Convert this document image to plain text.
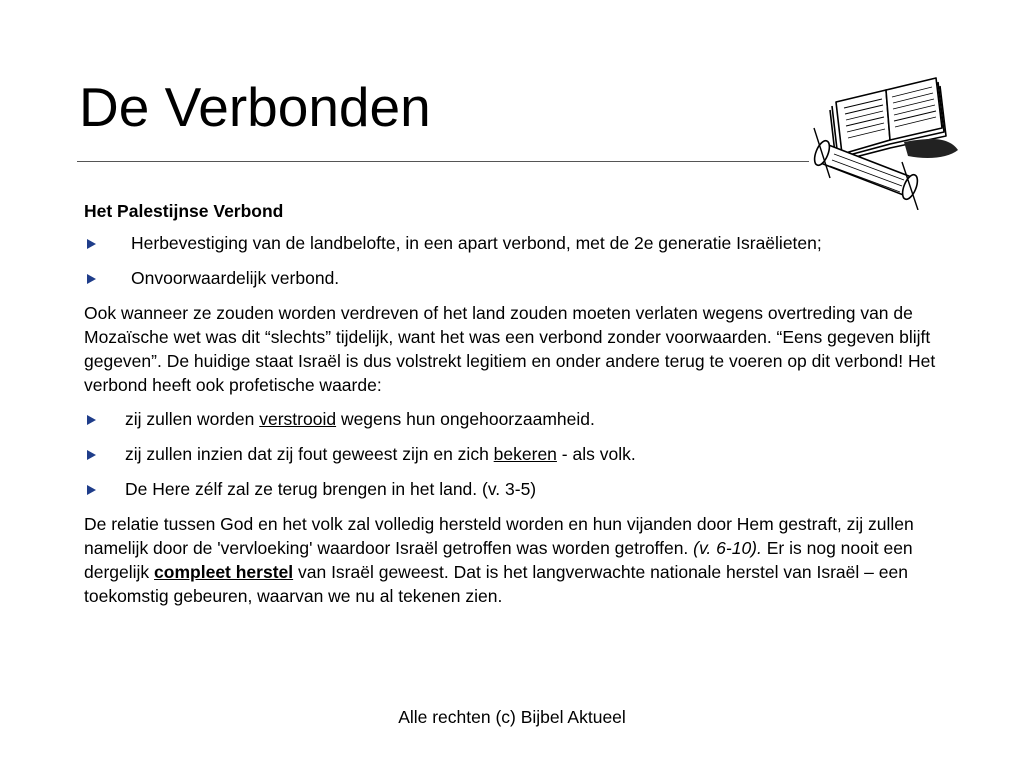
De Verbonden
Het Palestijnse Verbond
Herbevestiging van de landbelofte, in een apart verbond, met de 2e generatie Israëlieten;
Onvoorwaardelijk verbond.
Ook wanneer ze zouden worden verdreven of het land zouden moeten verlaten wegens overtreding van de Mozaïsche wet was dit “slechts” tijdelijk, want het was een verbond zonder voorwaarden. “Eens gegeven blijft gegeven”. De huidige staat Israël is dus volstrekt legitiem en onder andere terug te voeren op dit verbond! Het verbond heeft ook profetische waarde:
zij zullen worden verstrooid wegens hun ongehoorzaamheid.
zij zullen inzien dat zij fout geweest zijn en zich bekeren - als volk.
De Here zélf zal ze terug brengen in het land. (v. 3-5)
De relatie tussen God en het volk zal volledig hersteld worden en hun vijanden door Hem gestraft, zij zullen namelijk door de 'vervloeking' waardoor Israël getroffen was worden getroffen. (v. 6-10). Er is nog nooit een dergelijk compleet herstel van Israël geweest. Dat is het langverwachte nationale herstel van Israël – een toekomstig gebeuren, waarvan we nu al tekenen zien.
Alle rechten (c) Bijbel Aktueel
